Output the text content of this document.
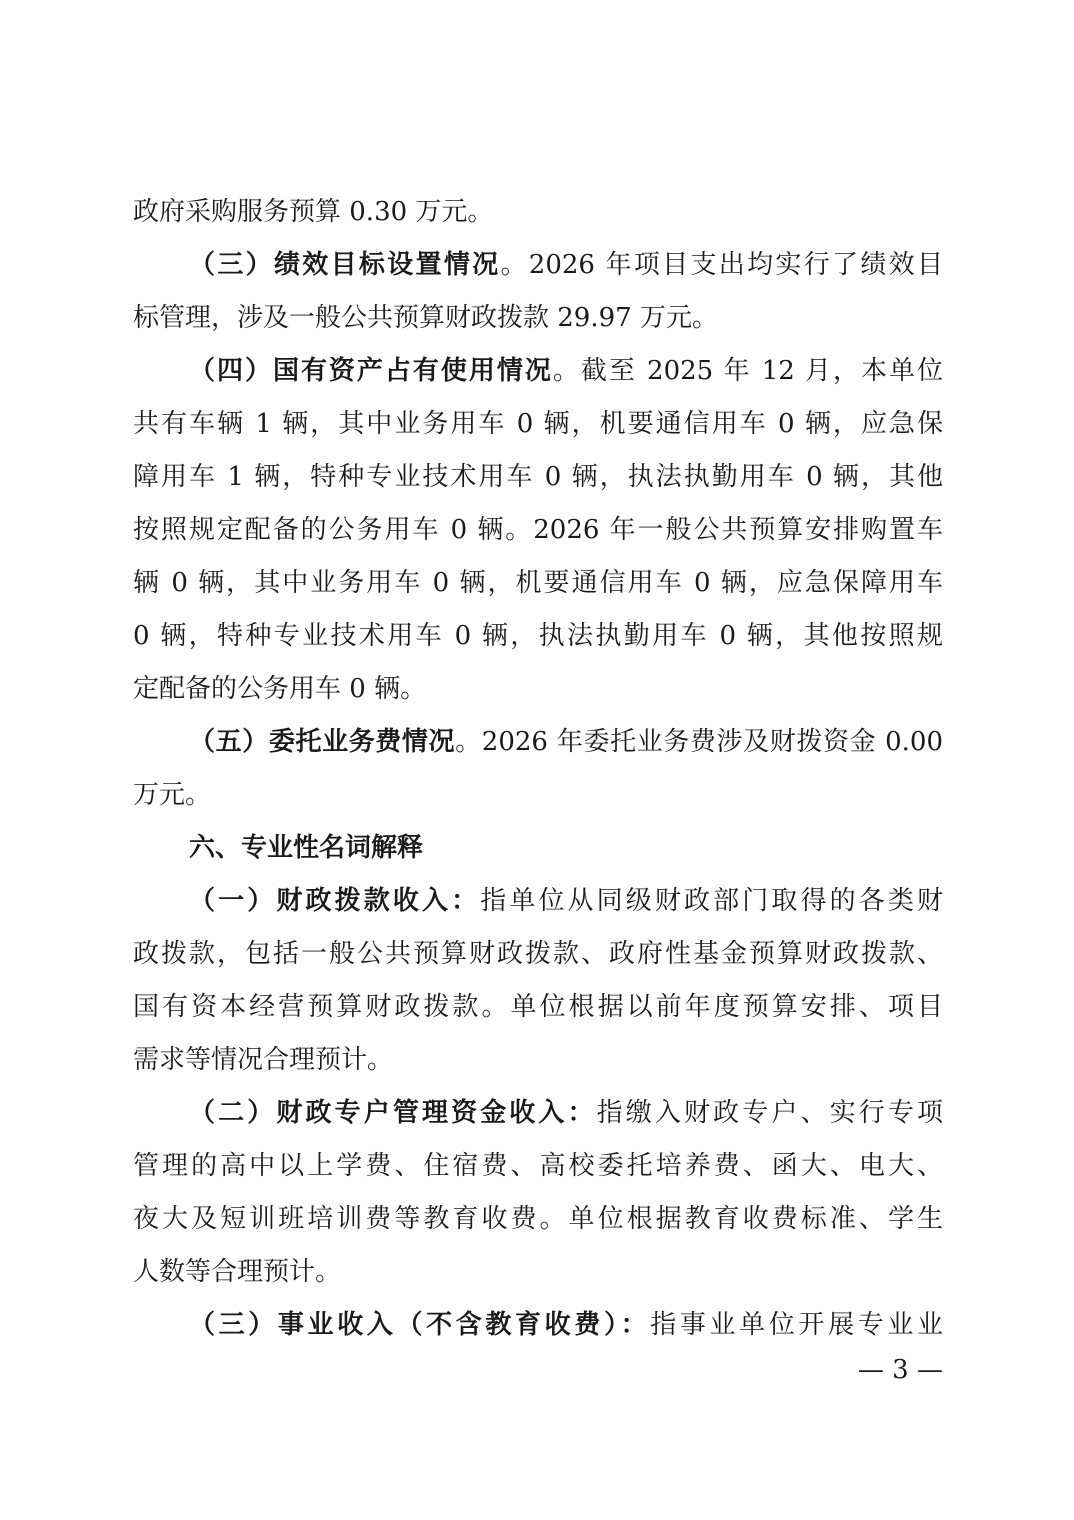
政府采购服务预算 0.30 万元。
（三）绩效目标设置情况。2026 年项目支出均实行了绩效目
标管理，涉及一般公共预算财政拨款 29.97 万元。
（四）国有资产占有使用情况。截至 2025 年 12 月，本单位
共有车辆 1 辆，其中业务用车 0 辆，机要通信用车 0 辆，应急保
障用车 1 辆，特种专业技术用车 0 辆，执法执勤用车 0 辆，其他
按照规定配备的公务用车 0 辆。2026 年一般公共预算安排购置车
辆 0 辆，其中业务用车 0 辆，机要通信用车 0 辆，应急保障用车
0 辆，特种专业技术用车 0 辆，执法执勤用车 0 辆，其他按照规
定配备的公务用车 0 辆。
（五）委托业务费情况。2026 年委托业务费涉及财拨资金 0.00
万元。
六、专业性名词解释
（一）财政拨款收入：指单位从同级财政部门取得的各类财
政拨款，包括一般公共预算财政拨款、政府性基金预算财政拨款、
国有资本经营预算财政拨款。单位根据以前年度预算安排、项目
需求等情况合理预计。
（二）财政专户管理资金收入：指缴入财政专户、实行专项
管理的高中以上学费、住宿费、高校委托培养费、函大、电大、
夜大及短训班培训费等教育收费。单位根据教育收费标准、学生
人数等合理预计。
（三）事业收入（不含教育收费）：指事业单位开展专业业
— 3 —
